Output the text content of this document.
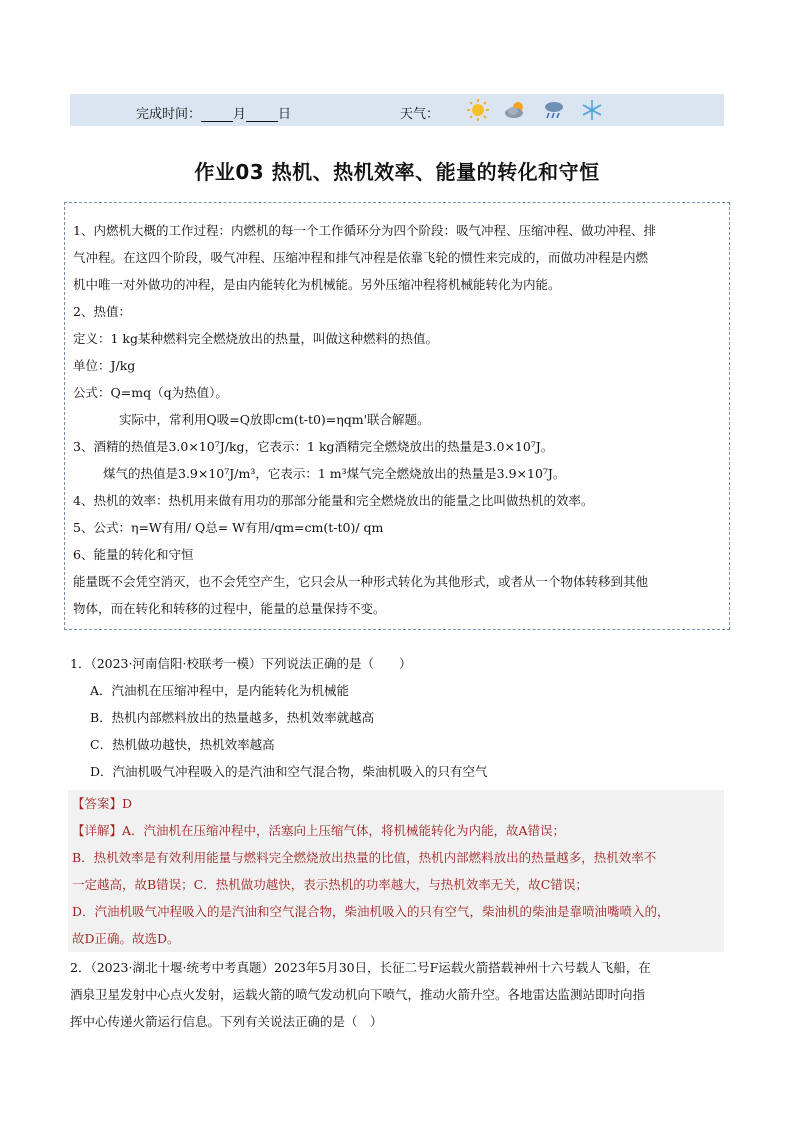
完成时间： 月 日	天气：
作业03 热机、热机效率、能量的转化和守恒

1、内燃机大概的工作过程：内燃机的每一个工作循环分为四个阶段：吸气冲程、压缩冲程、做功冲程、排

气冲程。在这四个阶段，吸气冲程、压缩冲程和排气冲程是依靠飞轮的惯性来完成的，而做功冲程是内燃

机中唯一对外做功的冲程，是由内能转化为机械能。另外压缩冲程将机械能转化为内能。

2、热值：

定义：1 kg某种燃料完全燃烧放出的热量，叫做这种燃料的热值。

单位：J/kg

公式：Q=mq（q为热值）。

实际中，常利用Q吸=Q放即cm(t-t0)=ηqm'联合解题。

3、酒精的热值是3.0×10⁷J/kg，它表示：1 kg酒精完全燃烧放出的热量是3.0×10⁷J。

煤气的热值是3.9×10⁷J/m³，它表示：1 m³煤气完全燃烧放出的热量是3.9×10⁷J。

4、热机的效率：热机用来做有用功的那部分能量和完全燃烧放出的能量之比叫做热机的效率。

5、公式：η=W有用/ Q总= W有用/qm=cm(t-t0)/ qm

6、能量的转化和守恒

能量既不会凭空消灭，也不会凭空产生，它只会从一种形式转化为其他形式，或者从一个物体转移到其他

物体，而在转化和转移的过程中，能量的总量保持不变。

1．（2023·河南信阳·校联考一模）下列说法正确的是（　　）

A．汽油机在压缩冲程中，是内能转化为机械能

B．热机内部燃料放出的热量越多，热机效率就越高

C．热机做功越快，热机效率越高

D．汽油机吸气冲程吸入的是汽油和空气混合物，柴油机吸入的只有空气

【答案】D

【详解】A．汽油机在压缩冲程中，活塞向上压缩气体，将机械能转化为内能，故A错误；

B．热机效率是有效利用能量与燃料完全燃烧放出热量的比值，热机内部燃料放出的热量越多，热机效率不

一定越高，故B错误；C．热机做功越快，表示热机的功率越大，与热机效率无关，故C错误；

D．汽油机吸气冲程吸入的是汽油和空气混合物，柴油机吸入的只有空气，柴油机的柴油是靠喷油嘴喷入的，

故D正确。故选D。

2．（2023·湖北十堰·统考中考真题）2023年5月30日，长征二号F运载火箭搭载神州十六号载人飞船，在

酒泉卫星发射中心点火发射，运载火箭的喷气发动机向下喷气，推动火箭升空。各地雷达监测站即时向指

挥中心传递火箭运行信息。下列有关说法正确的是（　）
